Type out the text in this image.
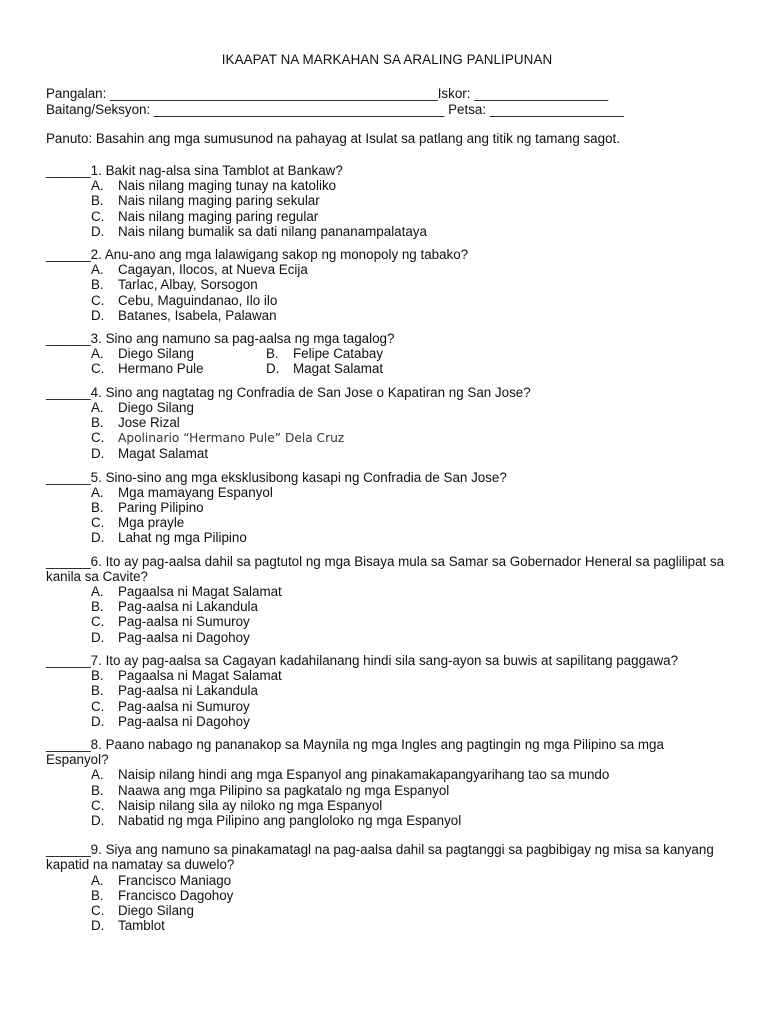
IKAAPAT NA MARKAHAN SA ARALING PANLIPUNAN
Pangalan: ____________________________________________Iskor: __________________
Baitang/Seksyon: _______________________________________ Petsa: __________________
Panuto: Basahin ang mga sumusunod na pahayag at Isulat sa patlang ang titik ng tamang sagot.
______1. Bakit nag-alsa sina Tamblot at Bankaw?
A. Nais nilang maging tunay na katoliko
B. Nais nilang maging paring sekular
C. Nais nilang maging paring regular
D. Nais nilang bumalik sa dati nilang pananampalataya
______2. Anu-ano ang mga lalawigang sakop ng monopoly ng tabako?
A. Cagayan, Ilocos, at Nueva Ecija
B. Tarlac, Albay, Sorsogon
C. Cebu, Maguindanao, Ilo ilo
D. Batanes, Isabela, Palawan
______3. Sino ang namuno sa pag-aalsa ng mga tagalog?
A. Diego Silang	B. Felipe Catabay
C. Hermano Pule	D. Magat Salamat
______4. Sino ang nagtatag ng Confradia de San Jose o Kapatiran ng San Jose?
A. Diego Silang
B. Jose Rizal
C. Apolinario “Hermano Pule” Dela Cruz
D. Magat Salamat
______5. Sino-sino ang mga eksklusibong kasapi ng Confradia de San Jose?
A. Mga mamayang Espanyol
B. Paring Pilipino
C. Mga prayle
D. Lahat ng mga Pilipino
______6. Ito ay pag-aalsa dahil sa pagtutol ng mga Bisaya mula sa Samar sa Gobernador Heneral sa paglilipat sa kanila sa Cavite?
A. Pagaalsa ni Magat Salamat
B. Pag-aalsa ni Lakandula
C. Pag-aalsa ni Sumuroy
D. Pag-aalsa ni Dagohoy
______7. Ito ay pag-aalsa sa Cagayan kadahilanang hindi sila sang-ayon sa buwis at sapilitang paggawa?
B. Pagaalsa ni Magat Salamat
B. Pag-aalsa ni Lakandula
C. Pag-aalsa ni Sumuroy
D. Pag-aalsa ni Dagohoy
______8. Paano nabago ng pananakop sa Maynila ng mga Ingles ang pagtingin ng mga Pilipino sa mga Espanyol?
A. Naisip nilang hindi ang mga Espanyol ang pinakamakapangyarihang tao sa mundo
B. Naawa ang mga Pilipino sa pagkatalo ng mga Espanyol
C. Naisip nilang sila ay niloko ng mga Espanyol
D. Nabatid ng mga Pilipino ang pangloloko ng mga Espanyol
______9. Siya ang namuno sa pinakamatagl na pag-aalsa dahil sa pagtanggi sa pagbibigay ng misa sa kanyang kapatid na namatay sa duwelo?
A. Francisco Maniago
B. Francisco Dagohoy
C. Diego Silang
D. Tamblot
